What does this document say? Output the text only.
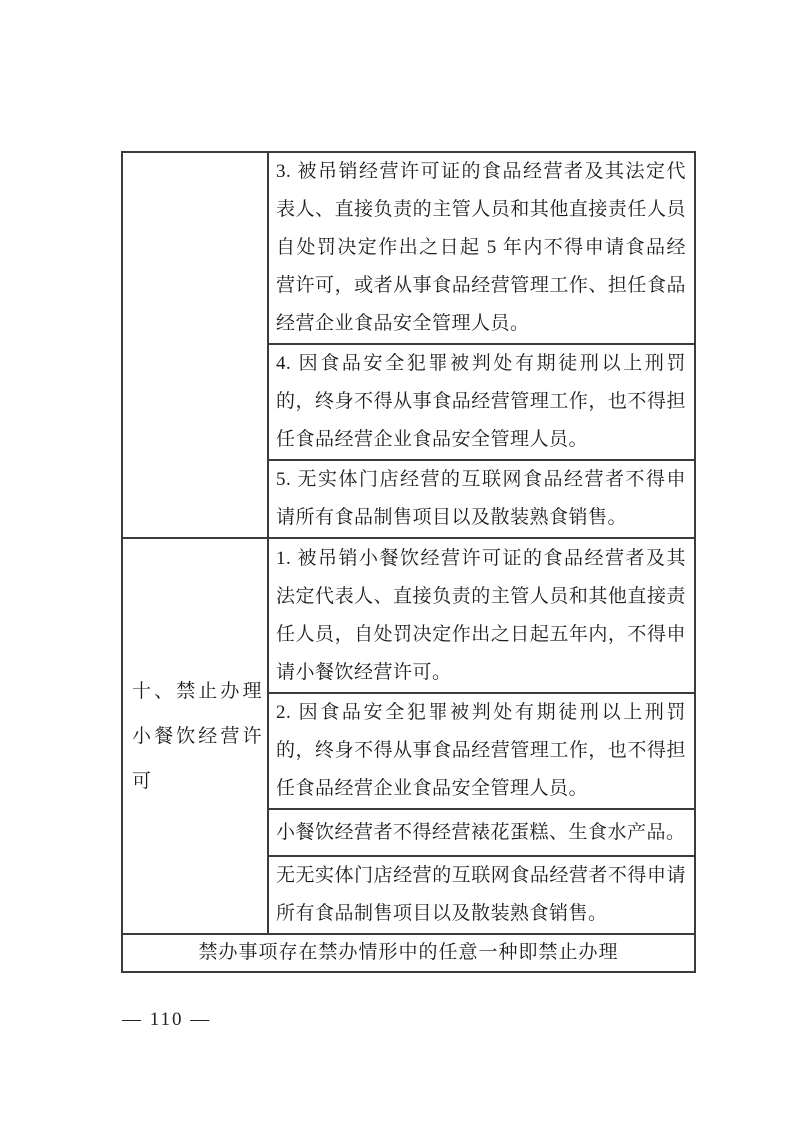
	3. 被吊销经营许可证的食品经营者及其法定代表人、直接负责的主管人员和其他直接责任人员自处罚决定作出之日起 5 年内不得申请食品经营许可，或者从事食品经营管理工作、担任食品经营企业食品安全管理人员。
	4. 因食品安全犯罪被判处有期徒刑以上刑罚的，终身不得从事食品经营管理工作，也不得担任食品经营企业食品安全管理人员。
	5. 无实体门店经营的互联网食品经营者不得申请所有食品制售项目以及散装熟食销售。
十、禁止办理小餐饮经营许可	1. 被吊销小餐饮经营许可证的食品经营者及其法定代表人、直接负责的主管人员和其他直接责任人员，自处罚决定作出之日起五年内，不得申请小餐饮经营许可。
	2. 因食品安全犯罪被判处有期徒刑以上刑罚的，终身不得从事食品经营管理工作，也不得担任食品经营企业食品安全管理人员。
	小餐饮经营者不得经营裱花蛋糕、生食水产品。
	无无实体门店经营的互联网食品经营者不得申请所有食品制售项目以及散装熟食销售。
禁办事项存在禁办情形中的任意一种即禁止办理	
— 110 —
